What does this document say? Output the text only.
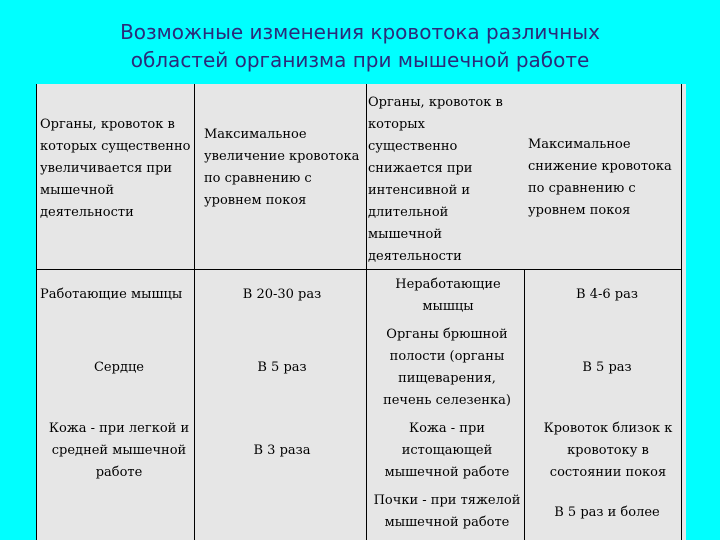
Возможные изменения кровотока различных
областей организма при мышечной работе
Органы, кровоток в которых существенно увеличивается при мышечной деятельности
Максимальное увеличение кровотока по сравнению с уровнем покоя
Органы, кровоток в которых существенно снижается при интенсивной и длительной мышечной деятельности
Максимальное снижение кровотока по сравнению с уровнем покоя
Работающие мышцы	В 20-30 раз
Неработающие мышцы
В 4-6 раз
Сердце	В 5 раз
Органы брюшной полости (органы пищеварения, печень селезенка)
В 5 раз
Кожа - при легкой и средней мышечной работе
В 3 раза
Кожа - при истощающей мышечной работе
Кровоток близок к кровотоку в состоянии покоя
Почки - при тяжелой мышечной работе
В 5 раз и более
